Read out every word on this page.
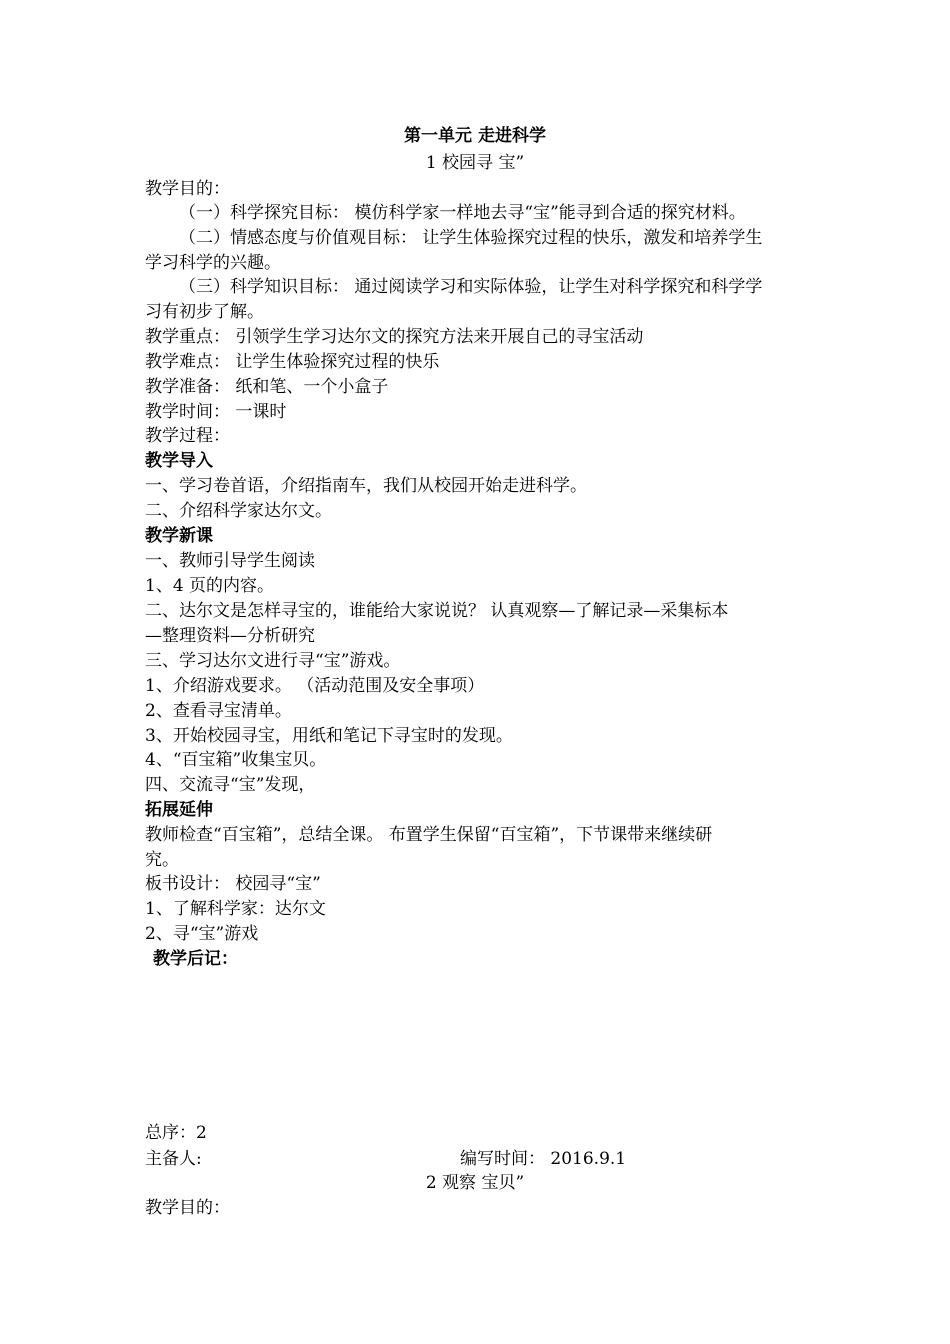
第一单元 走进科学
1 校园寻 宝”
教学目的：
（一）科学探究目标： 模仿科学家一样地去寻“宝”能寻到合适的探究材料。
（二）情感态度与价值观目标： 让学生体验探究过程的快乐，激发和培养学生
学习科学的兴趣。
（三）科学知识目标： 通过阅读学习和实际体验，让学生对科学探究和科学学
习有初步了解。
教学重点： 引领学生学习达尔文的探究方法来开展自己的寻宝活动
教学难点： 让学生体验探究过程的快乐
教学准备： 纸和笔、一个小盒子
教学时间： 一课时
教学过程：
教学导入
一、学习卷首语，介绍指南车，我们从校园开始走进科学。
二、介绍科学家达尔文。
教学新课
一、教师引导学生阅读
1、4 页的内容。
二、达尔文是怎样寻宝的，谁能给大家说说？ 认真观察—了解记录—采集标本
—整理资料—分析研究
三、学习达尔文进行寻“宝”游戏。
1、介绍游戏要求。 （活动范围及安全事项）
2、查看寻宝清单。
3、开始校园寻宝，用纸和笔记下寻宝时的发现。
4、“百宝箱”收集宝贝。
四、交流寻“宝”发现，
拓展延伸
教师检查“百宝箱”，总结全课。 布置学生保留“百宝箱”，下节课带来继续研
究。
板书设计： 校园寻“宝”
1、了解科学家：达尔文
2、寻“宝”游戏
教学后记：
总序：2
主备人:	编写时间： 2016.9.1
2 观察 宝贝”
教学目的：
